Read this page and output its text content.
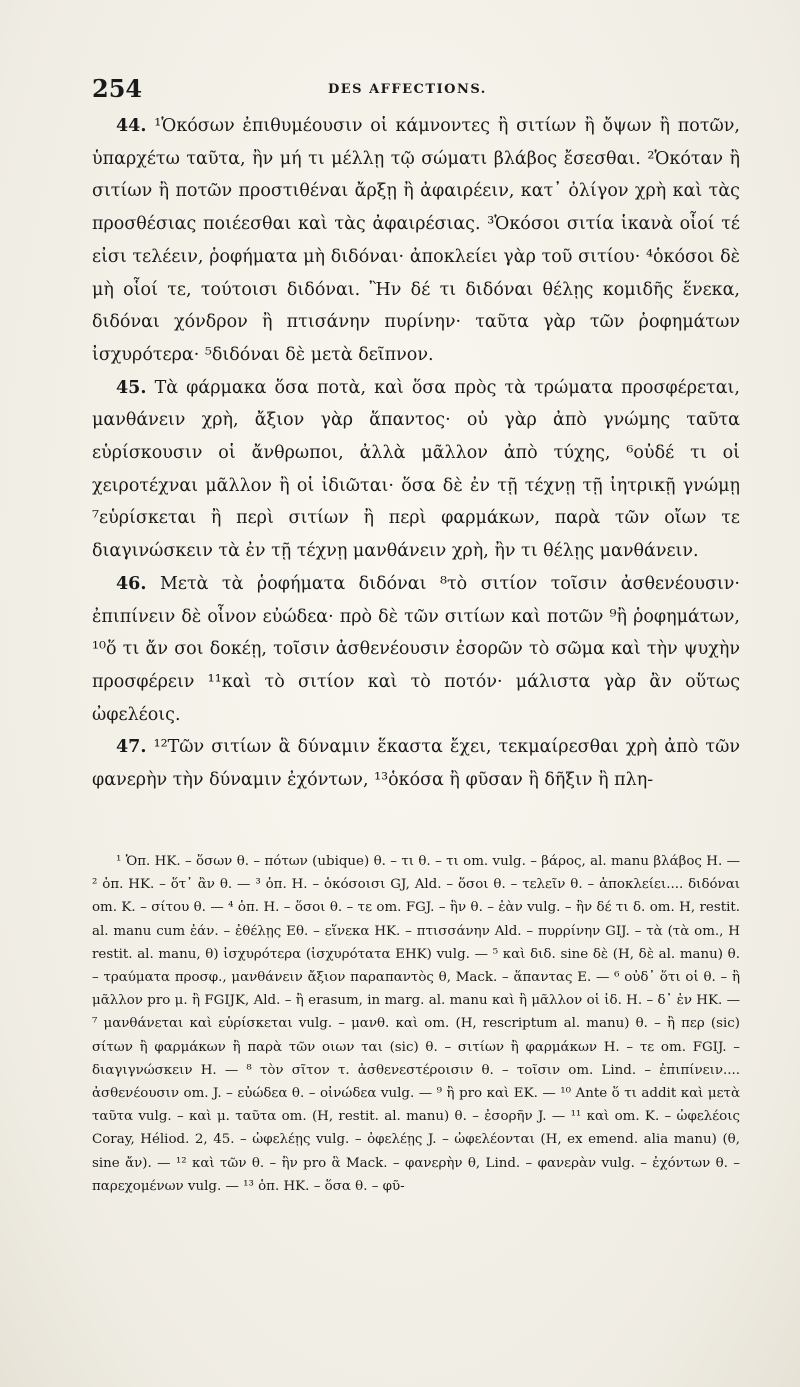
254	DES AFFECTIONS.

44. ¹Ὁκόσων ἐπιθυμέουσιν οἱ κάμνοντες ἢ σιτίων ἢ ὄψων ἢ ποτῶν, ὑπαρχέτω ταῦτα, ἢν μή τι μέλλῃ τῷ σώματι βλάβος ἔσεσθαι. ²Ὁκόταν ἢ σιτίων ἢ ποτῶν προστιθέναι ἄρξῃ ἢ ἀφαιρέειν, κατ᾽ ὀλίγον χρὴ καὶ τὰς προσθέσιας ποιέεσθαι καὶ τὰς ἀφαιρέσιας. ³Ὁκόσοι σιτία ἱκανὰ οἷοί τέ εἰσι τελέειν, ῥοφήματα μὴ διδόναι· ἀποκλείει γὰρ τοῦ σιτίου· ⁴ὁκόσοι δὲ μὴ οἷοί τε, τούτοισι διδόναι. Ἢν δέ τι διδόναι θέλῃς κομιδῆς ἕνεκα, διδόναι χόνδρον ἢ πτισάνην πυρίνην· ταῦτα γὰρ τῶν ῥοφημάτων ἰσχυρότερα· ⁵διδόναι δὲ μετὰ δεῖπνον.

45. Τὰ φάρμακα ὅσα ποτὰ, καὶ ὅσα πρὸς τὰ τρώματα προσφέρεται, μανθάνειν χρὴ, ἄξιον γὰρ ἅπαντος· οὐ γὰρ ἀπὸ γνώμης ταῦτα εὑρίσκουσιν οἱ ἄνθρωποι, ἀλλὰ μᾶλλον ἀπὸ τύχης, ⁶οὐδέ τι οἱ χειροτέχναι μᾶλλον ἢ οἱ ἰδιῶται· ὅσα δὲ ἐν τῇ τέχνῃ τῇ ἰητρικῇ γνώμῃ ⁷εὑρίσκεται ἢ περὶ σιτίων ἢ περὶ φαρμάκων, παρὰ τῶν οἴων τε διαγινώσκειν τὰ ἐν τῇ τέχνῃ μανθάνειν χρὴ, ἢν τι θέλῃς μανθάνειν.

46. Μετὰ τὰ ῥοφήματα διδόναι ⁸τὸ σιτίον τοῖσιν ἀσθενέουσιν· ἐπιπίνειν δὲ οἶνον εὐώδεα· πρὸ δὲ τῶν σιτίων καὶ ποτῶν ⁹ἢ ῥοφημάτων, ¹⁰ὅ τι ἄν σοι δοκέῃ, τοῖσιν ἀσθενέουσιν ἐσορῶν τὸ σῶμα καὶ τὴν ψυχὴν προσφέρειν ¹¹καὶ τὸ σιτίον καὶ τὸ ποτόν· μάλιστα γὰρ ἂν οὕτως ὠφελέοις.

47. ¹²Τῶν σιτίων ἃ δύναμιν ἕκαστα ἔχει, τεκμαίρεσθαι χρὴ ἀπὸ τῶν φανερὴν τὴν δύναμιν ἐχόντων, ¹³ὁκόσα ἢ φῦσαν ἢ δῆξιν ἢ πλη-

¹ Ὁπ. HK. – ὅσων θ. – πότων (ubique) θ. – τι θ. – τι om. vulg. – βάρος, al. manu βλάβος H. — ² ὁπ. HK. – ὅτ᾽ ἂν θ. — ³ ὁπ. H. – ὁκόσοισι GJ, Ald. – ὅσοι θ. – τελεῖν θ. – ἀποκλείει.... διδόναι om. K. – σίτου θ. — ⁴ ὁπ. H. – ὅσοι θ. – τε om. FGJ. – ἢν θ. – ἐὰν vulg. – ἢν δέ τι δ. om. H, restit. al. manu cum ἐάν. – ἐθέλῃς Εθ. – εἵνεκα HK. – πτισσάνην Ald. – πυρρίνην GIJ. – τὰ (τὰ om., H restit. al. manu, θ) ἰσχυρότερα (ἰσχυρότατα EHK) vulg. — ⁵ καὶ διδ. sine δὲ (H, δὲ al. manu) θ. – τραύματα προσφ., μανθάνειν ἄξιον παραπαντὸς θ, Mack. – ἅπαντας E. — ⁶ οὐδ᾽ ὅτι οἱ θ. – ἢ μᾶλλον pro μ. ἢ FGIJK, Ald. – ἢ erasum, in marg. al. manu καὶ ἢ μᾶλλον οἱ ἰδ. H. – δ᾽ ἐν HK. — ⁷ μανθάνεται καὶ εὑρίσκεται vulg. – μανθ. καὶ om. (H, rescriptum al. manu) θ. – ἢ περ (sic) σίτων ἢ φαρμάκων ἢ παρὰ τῶν οιων ται (sic) θ. – σιτίων ἢ φαρμάκων H. – τε om. FGIJ. – διαγιγνώσκειν H. — ⁸ τὸν σῖτον τ. ἀσθενεστέροισιν θ. – τοῖσιν om. Lind. – ἐπιπίνειν.... ἀσθενέουσιν om. J. – εὐώδεα θ. – οἰνώδεα vulg. — ⁹ ἢ pro καὶ EK. — ¹⁰ Ante ὅ τι addit καὶ μετὰ ταῦτα vulg. – καὶ μ. ταῦτα om. (H, restit. al. manu) θ. – ἐσορῆν J. — ¹¹ καὶ om. K. – ὠφελέοις Coray, Héliod. 2, 45. – ὠφελέῃς vulg. – ὀφελέῃς J. – ὠφελέονται (H, ex emend. alia manu) (θ, sine ἄν). — ¹² καὶ τῶν θ. – ἢν pro ἃ Mack. – φανερὴν θ, Lind. – φανερὰν vulg. – ἐχόντων θ. – παρεχομένων vulg. — ¹³ ὁπ. HK. – ὅσα θ. – φῦ-
